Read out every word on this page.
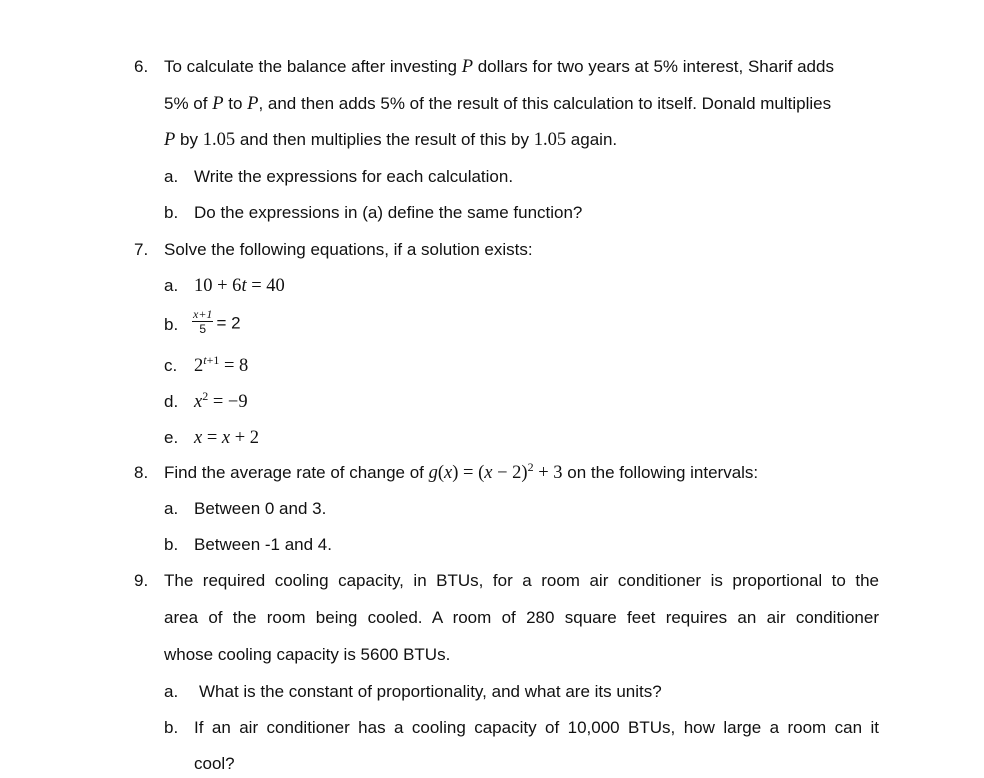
6. To calculate the balance after investing P dollars for two years at 5% interest, Sharif adds
5% of P to P, and then adds 5% of the result of this calculation to itself. Donald multiplies
P by 1.05 and then multiplies the result of this by 1.05 again.
a. Write the expressions for each calculation.
b. Do the expressions in (a) define the same function?
7. Solve the following equations, if a solution exists:
a. 10 + 6t = 40
b. $\frac{x+1}{5} = 2$
c. $2^{t+1} = 8$
d. $x^2 = -9$
e. x = x + 2
8. Find the average rate of change of $g(x) = (x - 2)^2 + 3$ on the following intervals:
a. Between 0 and 3.
b. Between -1 and 4.
9. The required cooling capacity, in BTUs, for a room air conditioner is proportional to the
area of the room being cooled. A room of 280 square feet requires an air conditioner
whose cooling capacity is 5600 BTUs.
a. What is the constant of proportionality, and what are its units?
b. If an air conditioner has a cooling capacity of 10,000 BTUs, how large a room can it
cool?
